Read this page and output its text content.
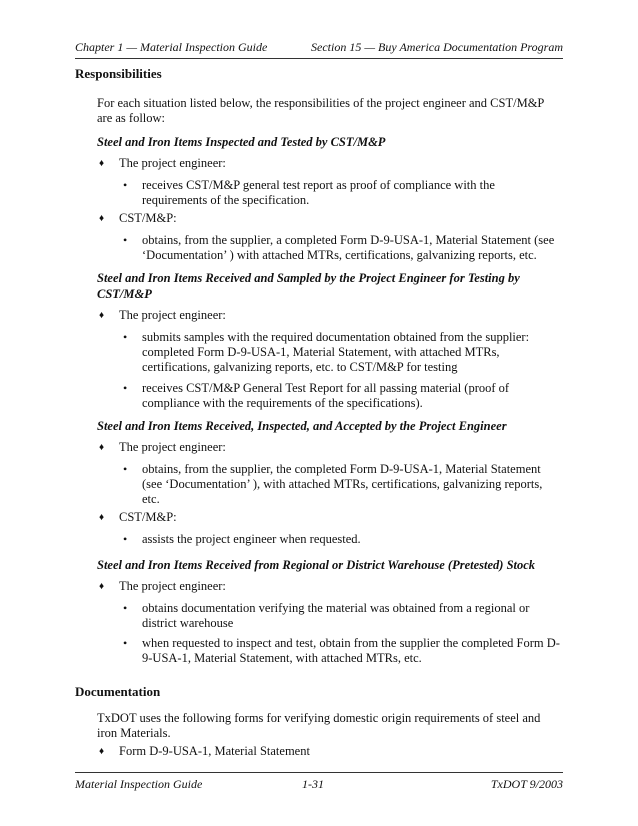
Chapter 1 — Material Inspection Guide	Section 15 — Buy America Documentation Program
Responsibilities
For each situation listed below, the responsibilities of the project engineer and CST/M&P
are as follow:
Steel and Iron Items Inspected and Tested by CST/M&P
♦ The project engineer:
• receives CST/M&P general test report as proof of compliance with the
requirements of the specification.
♦ CST/M&P:
• obtains, from the supplier, a completed Form D-9-USA-1, Material Statement (see
‘Documentation’ ) with attached MTRs, certifications, galvanizing reports, etc.
Steel and Iron Items Received and Sampled by the Project Engineer for Testing by
CST/M&P
♦ The project engineer:
• submits samples with the required documentation obtained from the supplier:
completed Form D-9-USA-1, Material Statement, with attached MTRs,
certifications, galvanizing reports, etc. to CST/M&P for testing
• receives CST/M&P General Test Report for all passing material (proof of
compliance with the requirements of the specifications).
Steel and Iron Items Received, Inspected, and Accepted by the Project Engineer
♦ The project engineer:
• obtains, from the supplier, the completed Form D-9-USA-1, Material Statement
(see ‘Documentation’ ), with attached MTRs, certifications, galvanizing reports,
etc.
♦ CST/M&P:
• assists the project engineer when requested.
Steel and Iron Items Received from Regional or District Warehouse (Pretested) Stock
♦ The project engineer:
• obtains documentation verifying the material was obtained from a regional or
district warehouse
• when requested to inspect and test, obtain from the supplier the completed Form D-
9-USA-1, Material Statement, with attached MTRs, etc.
Documentation
TxDOT uses the following forms for verifying domestic origin requirements of steel and
iron Materials.
♦ Form D-9-USA-1, Material Statement
Material Inspection Guide	1-31	TxDOT 9/2003
